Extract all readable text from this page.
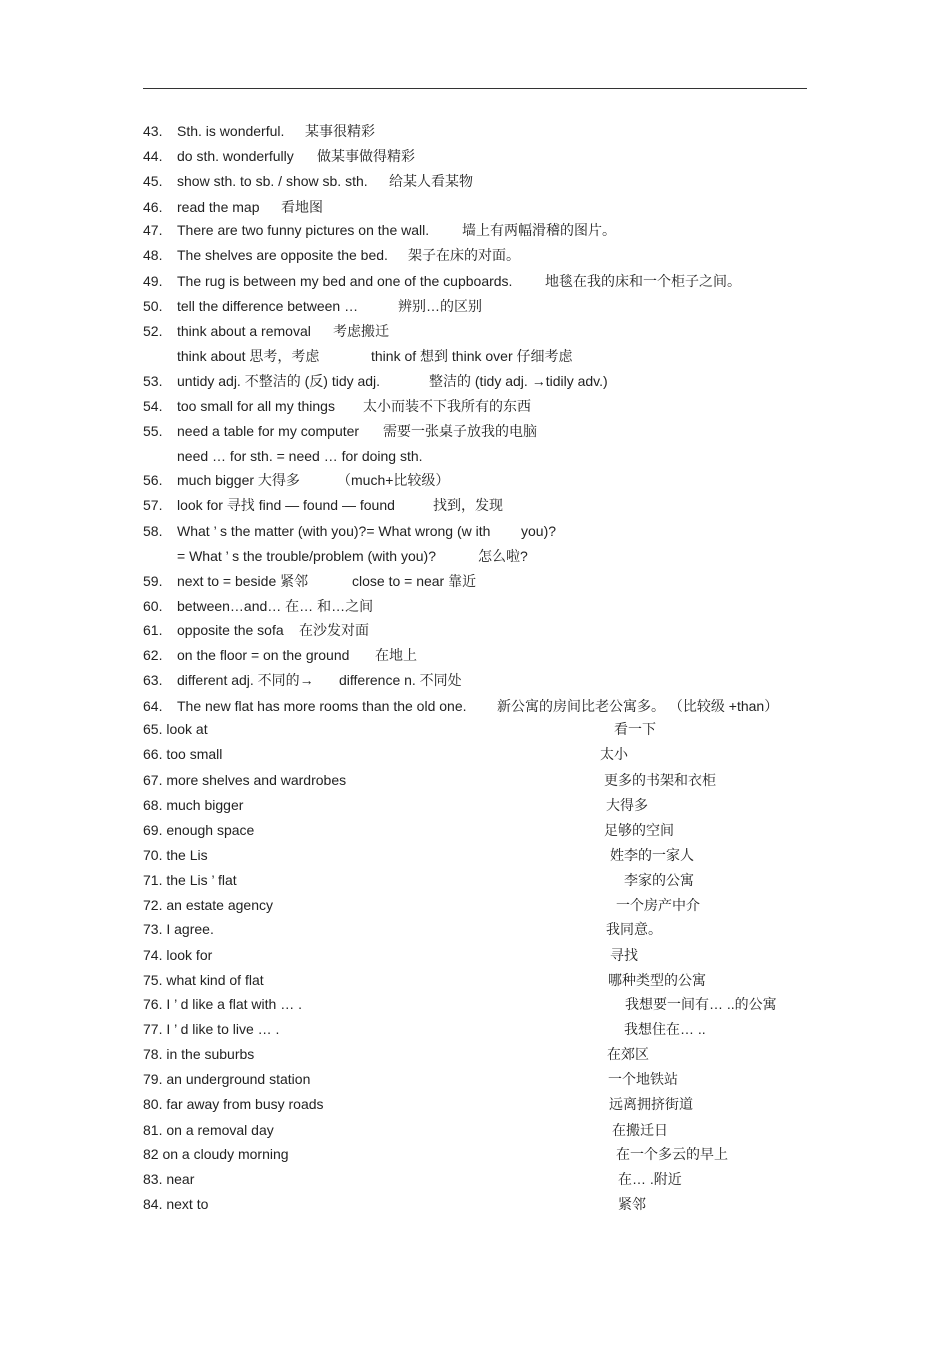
43. Sth. is wonderful. 某事很精彩
44. do sth. wonderfully 做某事做得精彩
45. show sth. to sb. / show sb. sth. 给某人看某物
46. read the map 看地图
47. There are two funny pictures on the wall. 墙上有两幅滑稽的图片。
48. The shelves are opposite the bed. 架子在床的对面。
49. The rug is between my bed and one of the cupboards. 地毯在我的床和一个柜子之间。
50. tell the difference between …	辨别…的区别
52. think about a removal 考虑搬迁
think about 思考，考虑	think of 想到 think over 仔细考虑
53. untidy adj. 不整洁的 (反) tidy adj.	整洁的 (tidy adj. →tidily adv.)
54. too small for all my things 太小而装不下我所有的东西
55. need a table for my computer 需要一张桌子放我的电脑
need … for sth. = need … for doing sth.
56. much bigger 大得多	（much+比较级）
57. look for 寻找 find — found — found	找到，发现
58. What ’ s the matter (with you)?= What wrong (w ith you)?
= What ’ s the trouble/problem (with you)?	怎么啦?
59. next to = beside 紧邻	close to = near 靠近
60. between…and… 在… 和…之间
61. opposite the sofa 在沙发对面
62. on the floor = on the ground 在地上
63. different adj. 不同的→ difference n. 不同处
64. The new flat has more rooms than the old one. 新公寓的房间比老公寓多。 （比较级 +than）
65. look at	看一下
66. too small	太小
67. more shelves and wardrobes	更多的书架和衣柜
68. much bigger	大得多
69. enough space	足够的空间
70. the Lis	姓李的一家人
71. the Lis ’ flat	李家的公寓
72. an estate agency	一个房产中介
73. I agree.	我同意。
74. look for	寻找
75. what kind of flat	哪种类型的公寓
76. I ’ d like a flat with … .	我想要一间有… ..的公寓
77. I ’ d like to live … .	我想住在… ..
78. in the suburbs	在郊区
79. an underground station	一个地铁站
80. far away from busy roads	远离拥挤街道
81. on a removal day	在搬迁日
82 on a cloudy morning	在一个多云的早上
83. near	在… .附近
84. next to	紧邻
